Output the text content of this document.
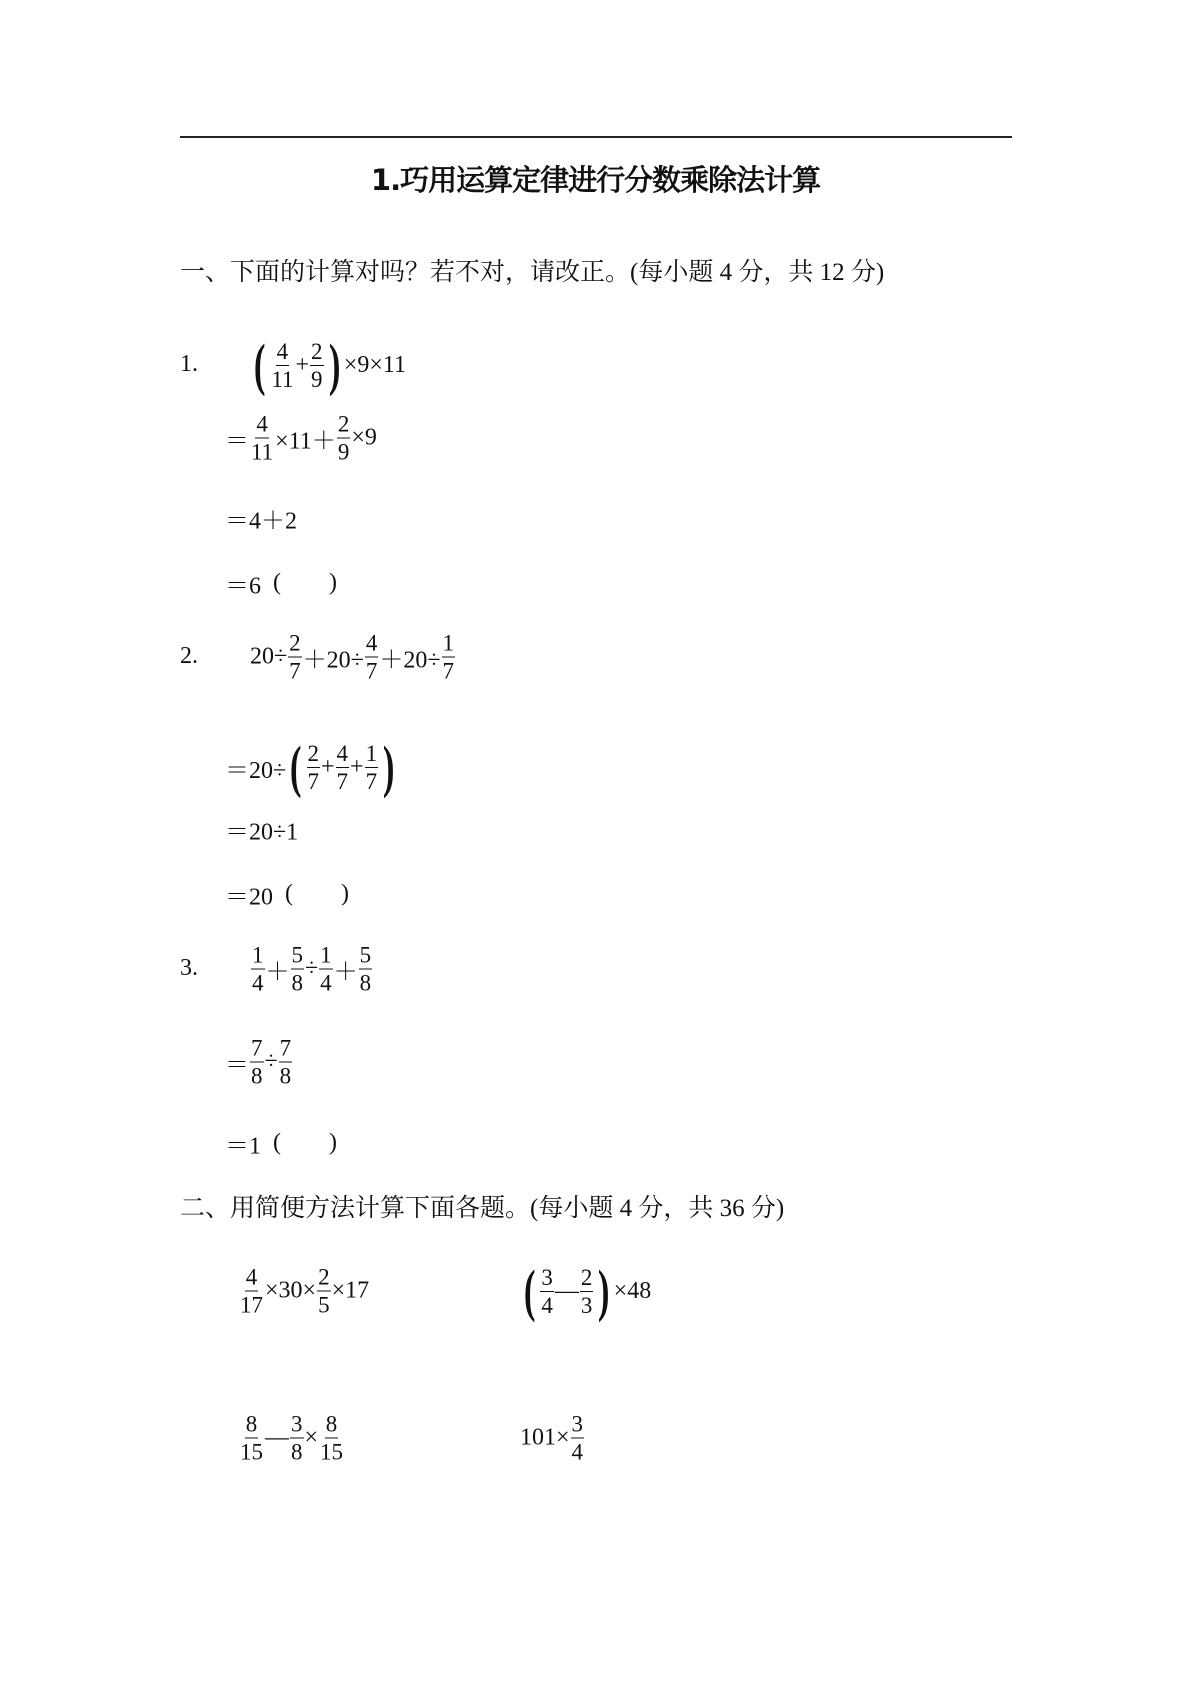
1.巧用运算定律进行分数乘除法计算
一、下面的计算对吗？若不对，请改正。(每小题 4 分，共 12 分)
二、用简便方法计算下面各题。(每小题 4 分，共 36 分)
1. ( $\frac{4}{11} + \frac{2}{9}$ ) ×9×11
＝ $\frac{4}{11} \times 11+ \frac{2}{9} \times 9$
＝4＋2
＝6 ( )
2. $20\div \frac{2}{7} +20\div \frac{4}{7} +20\div \frac{1}{7}$
＝20÷ ( $\frac{2}{7} + \frac{4}{7} + \frac{1}{7}$ )
＝20÷1
＝20 ( )
3. $\frac{1}{4} + \frac{5}{8} \div \frac{1}{4} + \frac{5}{8}$
＝ $\frac{7}{8} \div \frac{7}{8}$
＝1 ( )
$\frac{4}{17} \times 30\times \frac{2}{5} \times 17$	( $\frac{3}{4}$ — $\frac{2}{3}$ ) ×48
$\frac{8}{15}$ — $\frac{3}{8} \times \frac{8}{15}$	$101\times \frac{3}{4}$
